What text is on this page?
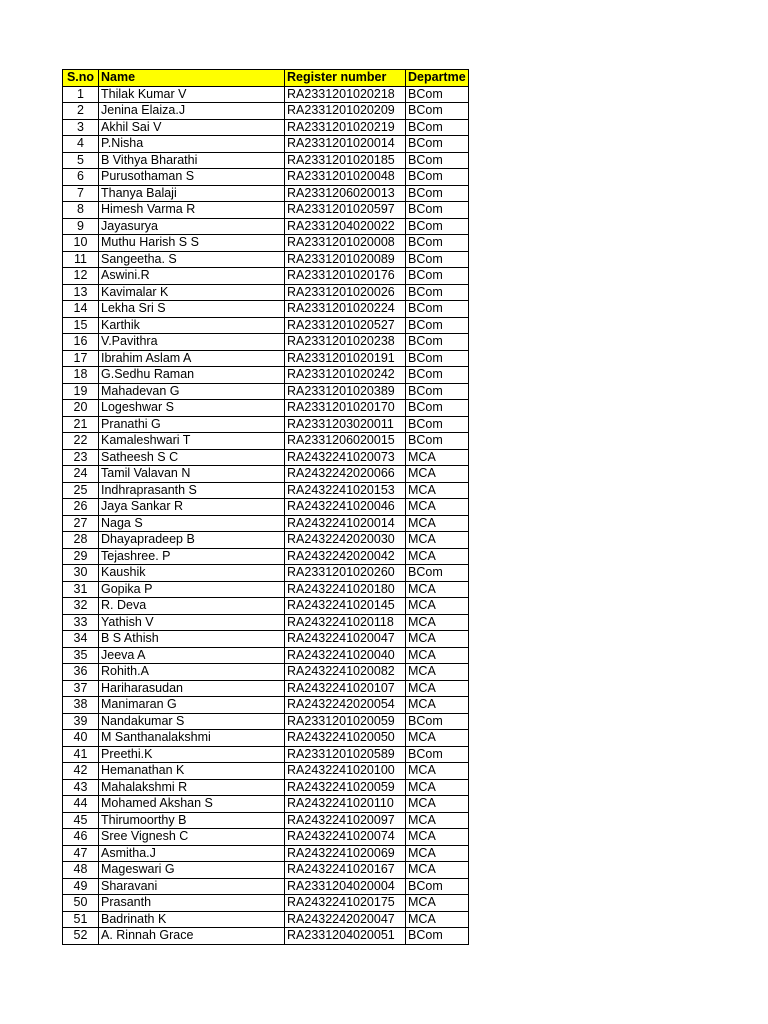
S.no	Name	Register number	Departme
1	Thilak Kumar V	RA2331201020218	BCom
2	Jenina Elaiza.J	RA2331201020209	BCom
3	Akhil Sai V	RA2331201020219	BCom
4	P.Nisha	RA2331201020014	BCom
5	B Vithya Bharathi	RA2331201020185	BCom
6	Purusothaman S	RA2331201020048	BCom
7	Thanya Balaji	RA2331206020013	BCom
8	Himesh Varma R	RA2331201020597	BCom
9	Jayasurya	RA2331204020022	BCom
10	Muthu Harish S S	RA2331201020008	BCom
11	Sangeetha. S	RA2331201020089	BCom
12	Aswini.R	RA2331201020176	BCom
13	Kavimalar K	RA2331201020026	BCom
14	Lekha Sri S	RA2331201020224	BCom
15	Karthik	RA2331201020527	BCom
16	V.Pavithra	RA2331201020238	BCom
17	Ibrahim Aslam A	RA2331201020191	BCom
18	G.Sedhu Raman	RA2331201020242	BCom
19	Mahadevan G	RA2331201020389	BCom
20	Logeshwar S	RA2331201020170	BCom
21	Pranathi G	RA2331203020011	BCom
22	Kamaleshwari T	RA2331206020015	BCom
23	Satheesh S C	RA2432241020073	MCA
24	Tamil Valavan N	RA2432242020066	MCA
25	Indhraprasanth S	RA2432241020153	MCA
26	Jaya Sankar R	RA2432241020046	MCA
27	Naga S	RA2432241020014	MCA
28	Dhayapradeep B	RA2432242020030	MCA
29	Tejashree. P	RA2432242020042	MCA
30	Kaushik	RA2331201020260	BCom
31	Gopika P	RA2432241020180	MCA
32	R. Deva	RA2432241020145	MCA
33	Yathish V	RA2432241020118	MCA
34	B S Athish	RA2432241020047	MCA
35	Jeeva A	RA2432241020040	MCA
36	Rohith.A	RA2432241020082	MCA
37	Hariharasudan	RA2432241020107	MCA
38	Manimaran G	RA2432242020054	MCA
39	Nandakumar S	RA2331201020059	BCom
40	M Santhanalakshmi	RA2432241020050	MCA
41	Preethi.K	RA2331201020589	BCom
42	Hemanathan K	RA2432241020100	MCA
43	Mahalakshmi R	RA2432241020059	MCA
44	Mohamed Akshan S	RA2432241020110	MCA
45	Thirumoorthy B	RA2432241020097	MCA
46	Sree Vignesh C	RA2432241020074	MCA
47	Asmitha.J	RA2432241020069	MCA
48	Mageswari G	RA2432241020167	MCA
49	Sharavani	RA2331204020004	BCom
50	Prasanth	RA2432241020175	MCA
51	Badrinath K	RA2432242020047	MCA
52	A. Rinnah Grace	RA2331204020051	BCom
